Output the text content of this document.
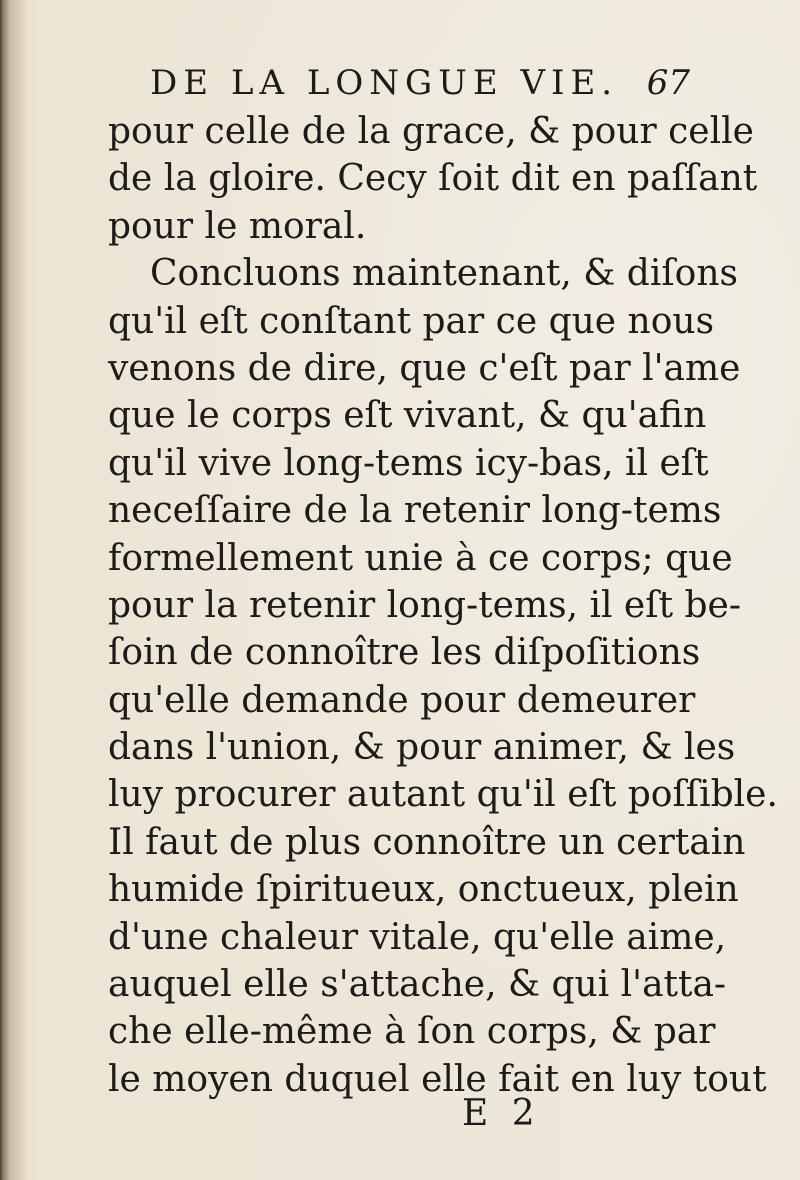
DE LA LONGUE VIE. 67
pour celle de la grace, & pour celle
de la gloire. Cecy ſoit dit en paſſant
pour le moral.
Concluons maintenant, & diſons
qu'il eſt conſtant par ce que nous
venons de dire, que c'eſt par l'ame
que le corps eſt vivant, & qu'afin
qu'il vive long-tems icy-bas, il eſt
neceſſaire de la retenir long-tems
formellement unie à ce corps; que
pour la retenir long-tems, il eſt be-
ſoin de connoître les diſpoſitions
qu'elle demande pour demeurer
dans l'union, & pour animer, & les
luy procurer autant qu'il eſt poſſible.
Il faut de plus connoître un certain
humide ſpiritueux, onctueux, plein
d'une chaleur vitale, qu'elle aime,
auquel elle s'attache, & qui l'atta-
che elle-même à ſon corps, & par
le moyen duquel elle fait en luy tout
E 2
